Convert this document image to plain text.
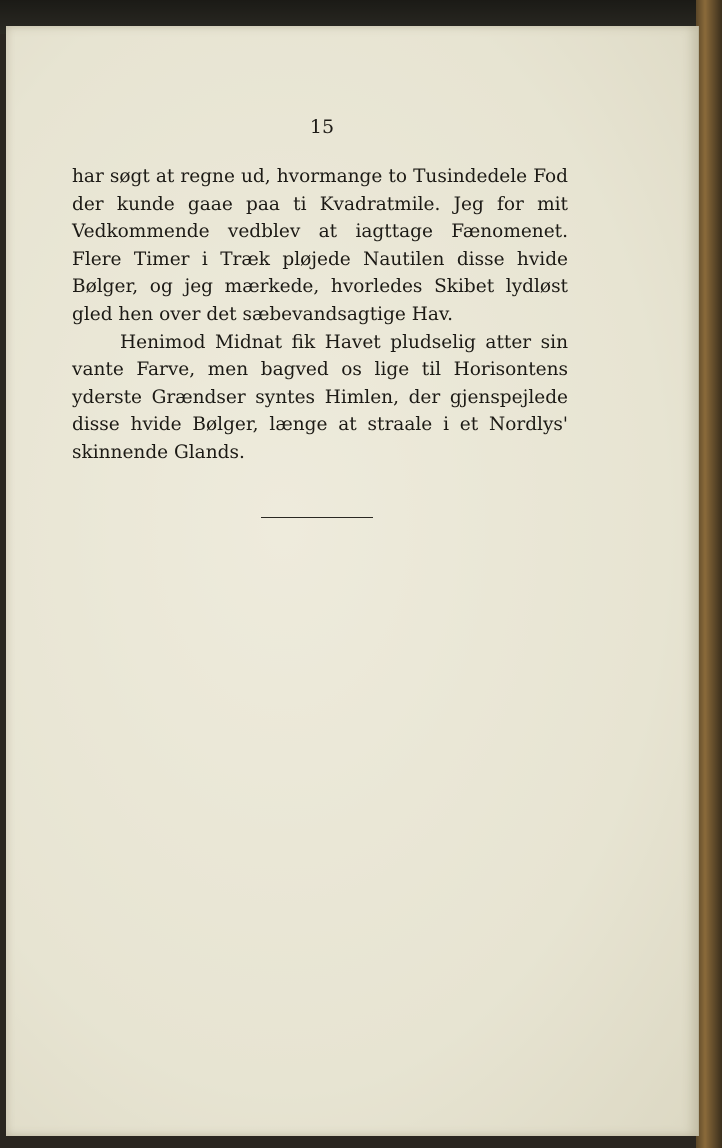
15

har søgt at regne ud, hvormange to Tusindedele Fod der kunde gaae paa ti Kvadratmile. Jeg for mit Vedkommende vedblev at iagttage Fænomenet. Flere Timer i Træk pløjede Nautilen disse hvide Bølger, og jeg mærkede, hvorledes Skibet lydløst gled hen over det sæbevandsagtige Hav.

Henimod Midnat fik Havet pludselig atter sin vante Farve, men bagved os lige til Horisontens yderste Grændser syntes Himlen, der gjenspejlede disse hvide Bølger, længe at straale i et Nordlys' skinnende Glands.
